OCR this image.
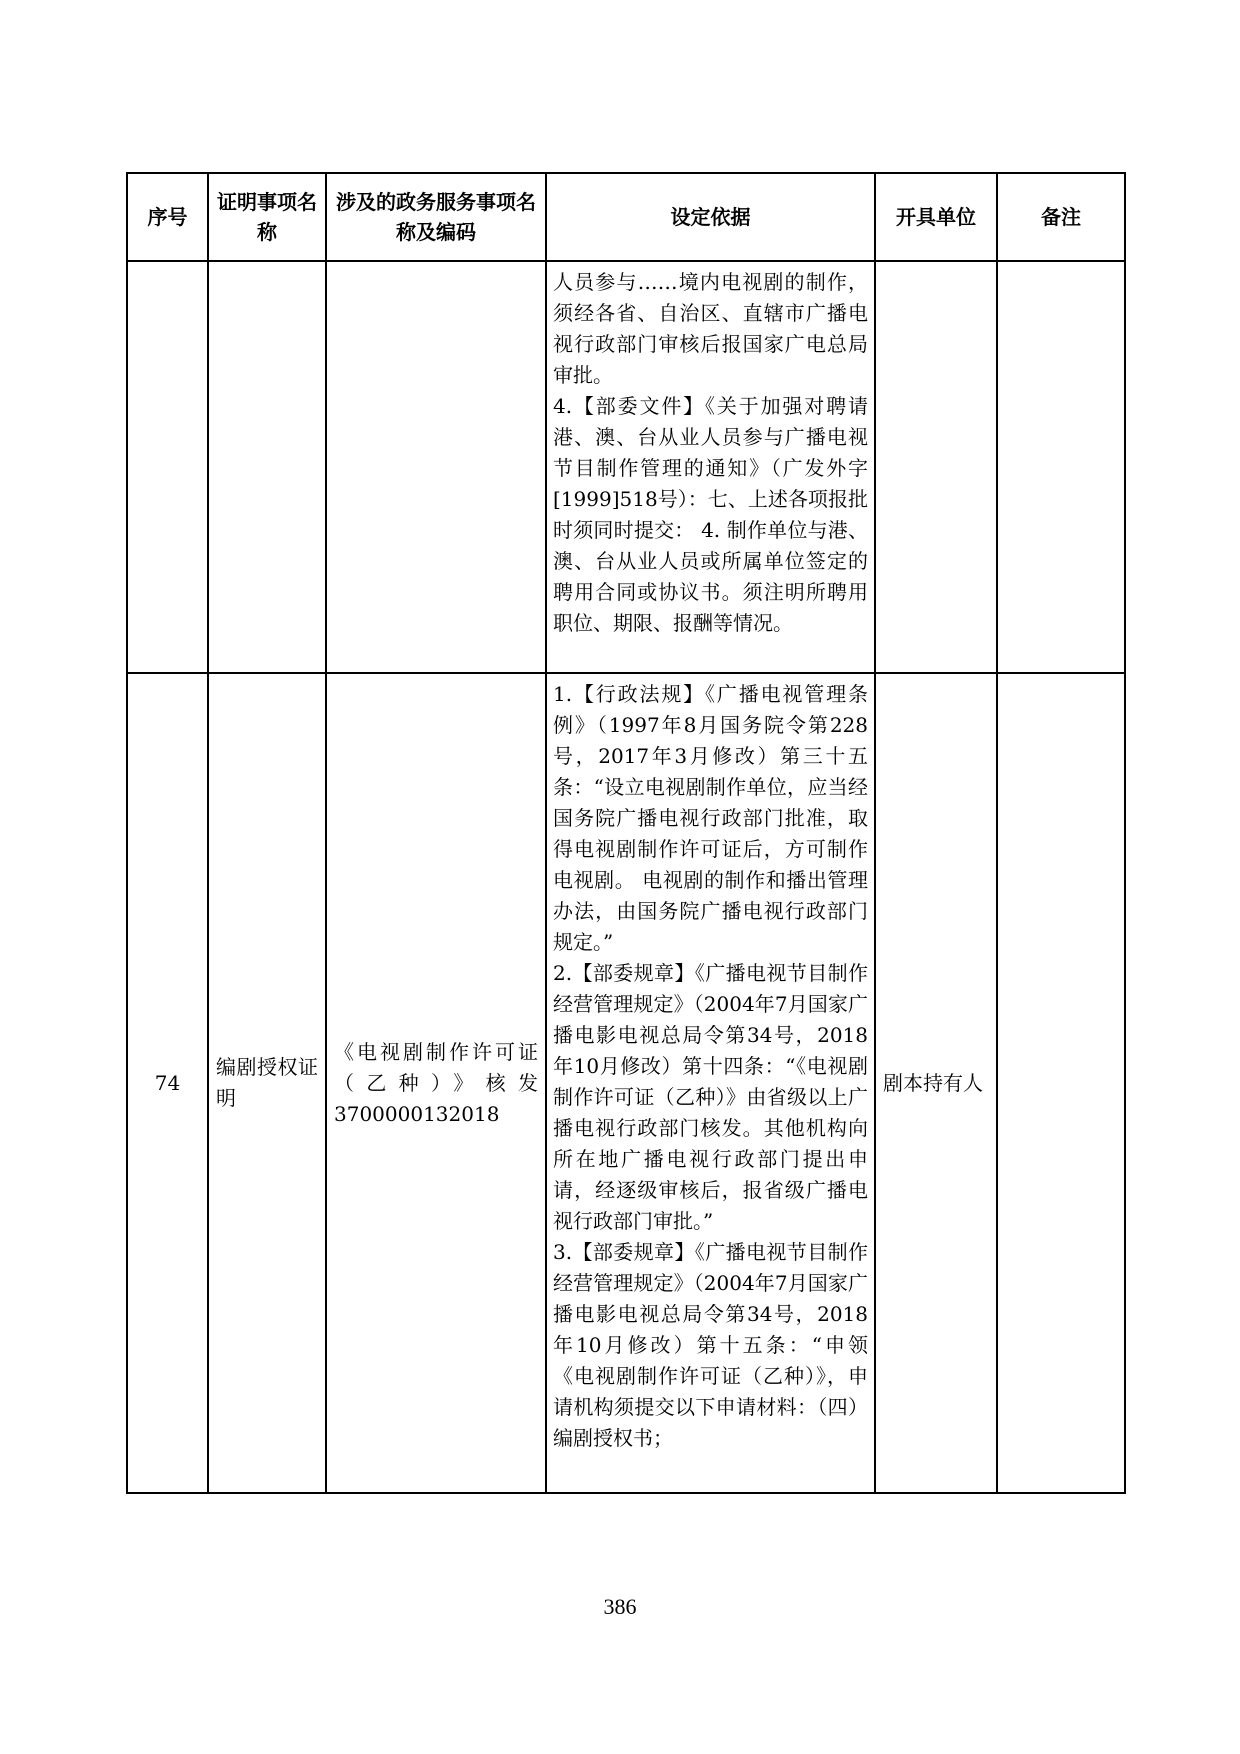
序号	证明事项名称	涉及的政务服务事项名称及编码	设定依据	开具单位	备注

			人员参与……境内电视剧的制作，须经各省、自治区、直辖市广播电视行政部门审核后报国家广电总局审批。

4.【部委文件】《关于加强对聘请港、澳、台从业人员参与广播电视节目制作管理的通知》（广发外字[1999]518号）：七、上述各项报批时须同时提交： 4. 制作单位与港、澳、台从业人员或所属单位签定的聘用合同或协议书。须注明所聘用职位、期限、报酬等情况。		

74	编剧授权证明	《电视剧制作许可证（乙种）》核发3700000132018	1.【行政法规】《广播电视管理条例》（1997年8月国务院令第228号，2017年3月修改）第三十五条：“设立电视剧制作单位，应当经国务院广播电视行政部门批准，取得电视剧制作许可证后，方可制作电视剧。 电视剧的制作和播出管理办法，由国务院广播电视行政部门规定。”

2.【部委规章】《广播电视节目制作经营管理规定》（2004年7月国家广播电影电视总局令第34号，2018年10月修改）第十四条：“《电视剧制作许可证（乙种）》由省级以上广播电视行政部门核发。其他机构向所在地广播电视行政部门提出申请，经逐级审核后，报省级广播电视行政部门审批。”

3.【部委规章】《广播电视节目制作经营管理规定》（2004年7月国家广播电影电视总局令第34号，2018年10月修改）第十五条：“申领《电视剧制作许可证（乙种）》，申请机构须提交以下申请材料：（四）编剧授权书；	剧本持有人	
386
